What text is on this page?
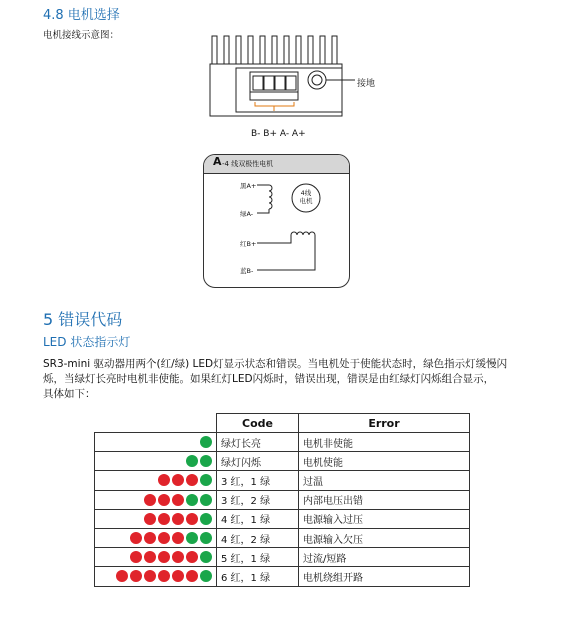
4.8 电机选择
电机接线示意图：
接地
B- B+ A- A+
A -4 线双极性电机
4线
电机
黑A+
绿A-
红B+
蓝B-
5 错误代码
LED 状态指示灯
SR3-mini 驱动器用两个(红/绿) LED灯显示状态和错误。当电机处于使能状态时，绿色指示灯缓慢闪
烁，当绿灯长亮时电机非使能。如果红灯LED闪烁时，错误出现，错误是由红绿灯闪烁组合显示，
具体如下：
	Code	Error
	绿灯长亮	电机非使能
	绿灯闪烁	电机使能
	3 红，1 绿	过温
	3 红，2 绿	内部电压出错
	4 红，1 绿	电源输入过压
	4 红，2 绿	电源输入欠压
	5 红，1 绿	过流/短路
	6 红，1 绿	电机绕组开路
